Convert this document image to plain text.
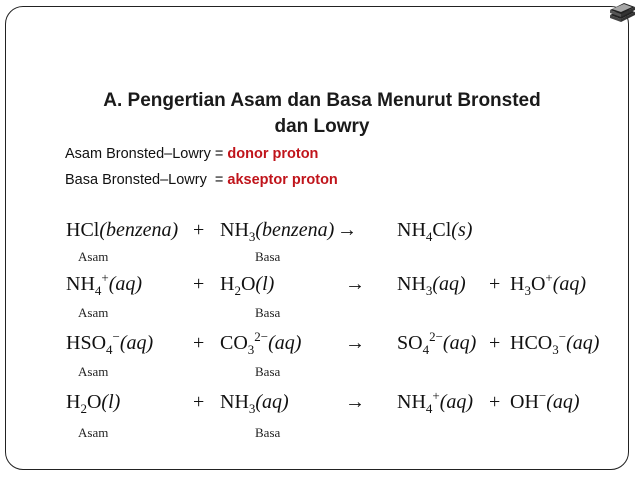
A. Pengertian Asam dan Basa Menurut Bronsted
dan Lowry
Asam Bronsted–Lowry = donor proton
Basa Bronsted–Lowry  = akseptor proton
HCl(benzena) + $NH_3(benzena) \to NH_4Cl(s)$
Asam	Basa
$NH_4^+(aq)$	+ $H_2O(l)$	→ $NH_3(aq) + H_3O^+(aq)$
Asam	Basa
$HSO_4^-(aq) + CO_3^{2-}(aq) \to SO_4^{2-}(aq) + HCO_3^-(aq)$
Asam	Basa
$H_2O(l)$	+ $NH_3(aq)$	→ $NH_4^+(aq) + OH^-(aq)$
Asam	Basa
